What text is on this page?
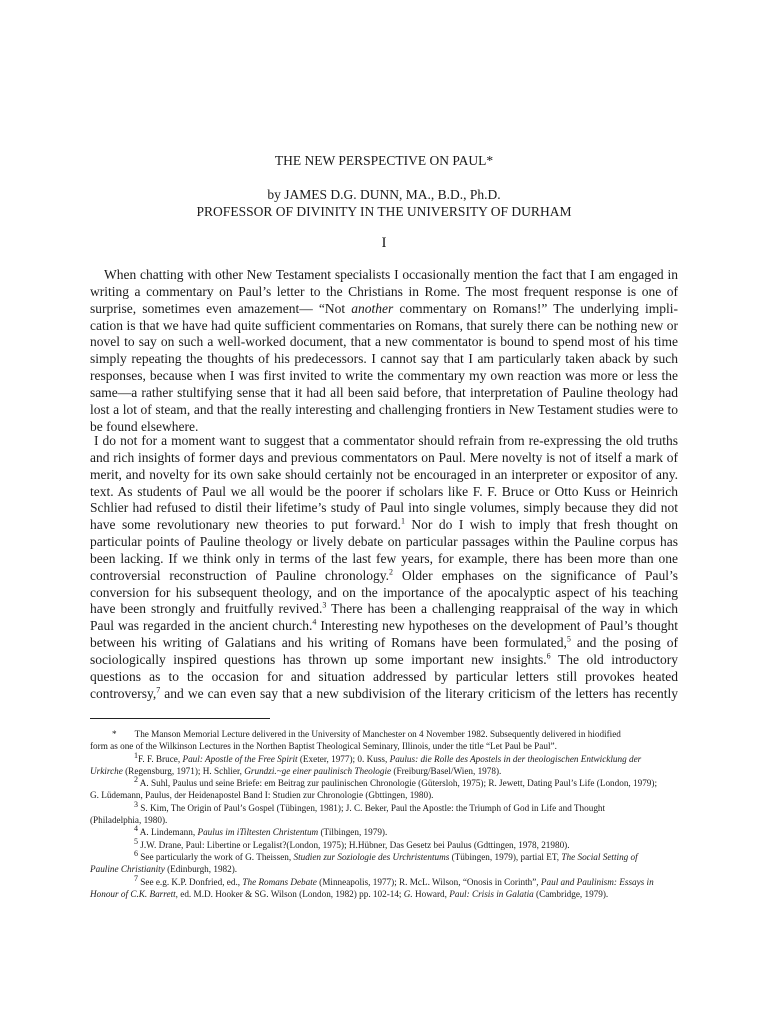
THE NEW PERSPECTIVE ON PAUL*
by JAMES D.G. DUNN, MA., B.D., Ph.D.
PROFESSOR OF DIVINITY IN THE UNIVERSITY OF DURHAM
I
When chatting with other New Testament specialists I occasionally mention the fact that I am engaged in
writing a commentary on Paul’s letter to the Christians in Rome. The most frequent response is one of
surprise, sometimes even amazement— “Not another commentary on Romans!” The underlying impli-
cation is that we have had quite sufficient commentaries on Romans, that surely there can be nothing new or
novel to say on such a well-worked document, that a new commentator is bound to spend most of his time
simply repeating the thoughts of his predecessors. I cannot say that I am particularly taken aback by such
responses, because when I was first invited to write the commentary my own reaction was more or less the
same—a rather stultifying sense that it had all been said before, that interpretation of Pauline theology had
lost a lot of steam, and that the really interesting and challenging frontiers in New Testament studies were to
be found elsewhere.
I do not for a moment want to suggest that a commentator should refrain from re-expressing the old truths
and rich insights of former days and previous commentators on Paul. Mere novelty is not of itself a mark of
merit, and novelty for its own sake should certainly not be encouraged in an interpreter or expositor of any.
text. As students of Paul we all would be the poorer if scholars like F. F. Bruce or Otto Kuss or Heinrich
Schlier had refused to distil their lifetime’s study of Paul into single volumes, simply because they did not
have some revolutionary new theories to put forward.$^1$ Nor do I wish to imply that fresh thought on
particular points of Pauline theology or lively debate on particular passages within the Pauline corpus has
been lacking. If we think only in terms of the last few years, for example, there has been more than one
controversial reconstruction of Pauline chronology.$^2$ Older emphases on the significance of Paul’s
conversion for his subsequent theology, and on the importance of the apocalyptic aspect of his teaching
have been strongly and fruitfully revived.$^3$ There has been a challenging reappraisal of the way in which
Paul was regarded in the ancient church.$^4$ Interesting new hypotheses on the development of Paul’s thought
between his writing of Galatians and his writing of Romans have been formulated,$^5$ and the posing of
sociologically inspired questions has thrown up some important new insights.$^6$ The old introductory
questions as to the occasion for and situation addressed by particular letters still provokes heated
controversy,$^7$ and we can even say that a new subdivision of the literary criticism of the letters has recently
* The Manson Memorial Lecture delivered in the University of Manchester on 4 November 1982. Subsequently delivered in hiodified
form as one of the Wilkinson Lectures in the Northen Baptist Theological Seminary, Illinois, under the title “Let Paul be Paul”.
$^1$F. F. Bruce, Paul: Apostle of the Free Spirit (Exeter, 1977); 0. Kuss, Paulus: die Rolle des Apostels in der theologischen Entwicklung der
Urkirche (Regensburg, 1971); H. Schlier, Grundzi.~ge einer paulinisch Theologie (Freiburg/Basel/Wien, 1978).
$^2$ A. Suhl, Paulus und seine Briefe: em Beitrag zur paulinischen Chronologie (Gütersloh, 1975); R. Jewett, Dating Paul’s Life (London, 1979);
G. Lüdemann, Paulus, der Heidenapostel Band I: Studien zur Chronologie (Gbttingen, 1980).
$^3$ S. Kim, The Origin of Paul’s Gospel (Tübingen, 1981); J. C. Beker, Paul the Apostle: the Triumph of God in Life and Thought
(Philadelphia, 1980).
$^4$ A. Lindemann, Paulus im iTiltesten Christentum (Tilbingen, 1979).
$^5$ J.W. Drane, Paul: Libertine or Legalist?(London, 1975); H.Hübner, Das Gesetz bei Paulus (Gdttingen, 1978, 21980).
$^6$ See particularly the work of G. Theissen, Studien zur Soziologie des Urchristentums (Tübingen, 1979), partial ET, The Social Setting of
Pauline Christianity (Edinburgh, 1982).
$^7$ See e.g. K.P. Donfried, ed., The Romans Debate (Minneapolis, 1977); R. McL. Wilson, “Onosis in Corinth”, Paul and Paulinism: Essays in
Honour of C.K. Barrett, ed. M.D. Hooker & SG. Wilson (London, 1982) pp. 102-14; G. Howard, Paul: Crisis in Galatia (Cambridge, 1979).
